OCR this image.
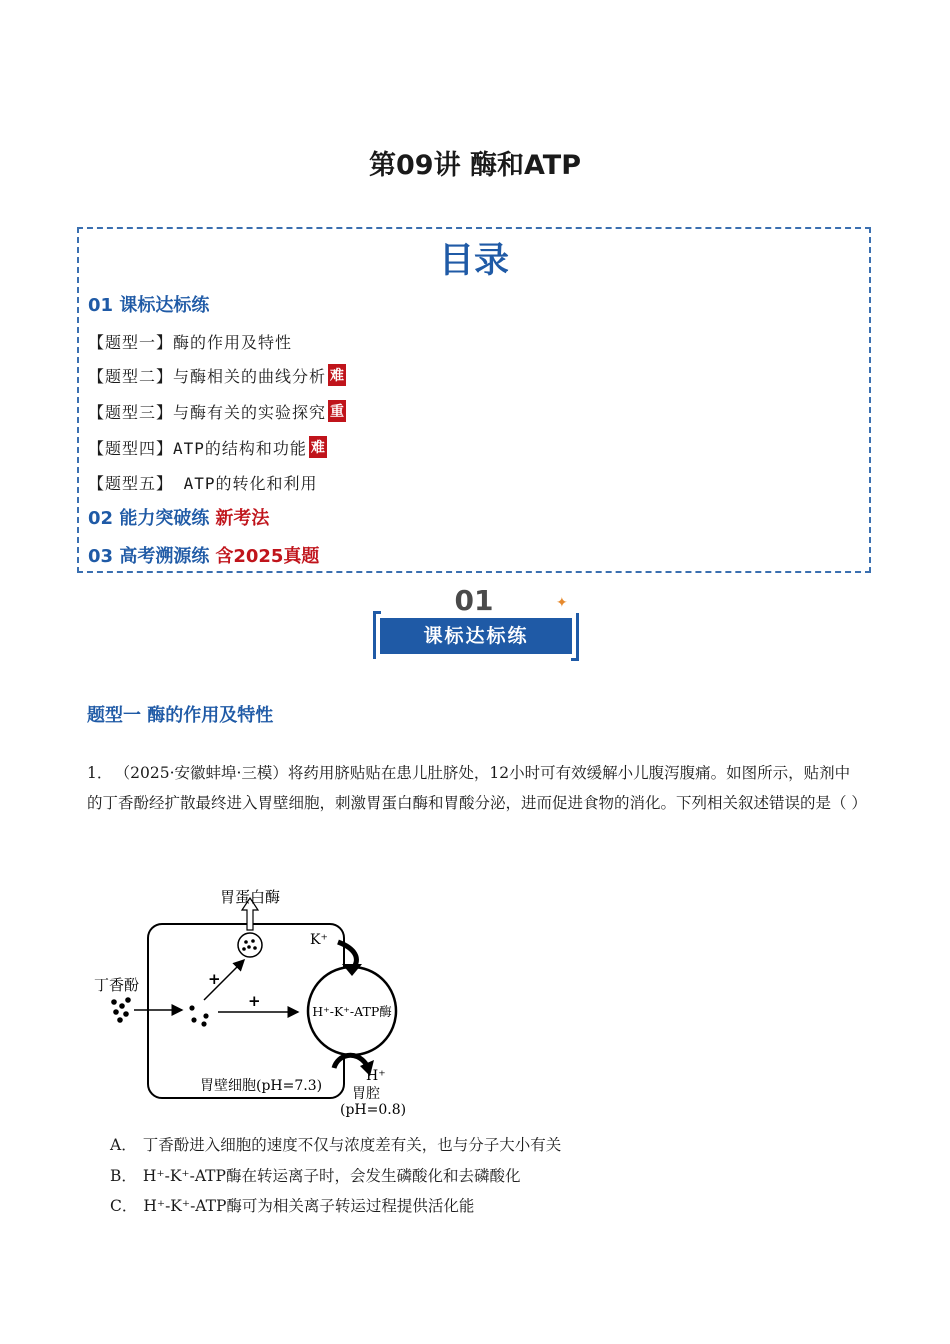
第09讲 酶和ATP
目录
01 课标达标练
【题型一】酶的作用及特性
【题型二】与酶相关的曲线分析 难
【题型三】与酶有关的实验探究 重
【题型四】ATP的结构和功能 难
【题型五】 ATP的转化和利用
02 能力突破练 新考法
03 高考溯源练 含2025真题
01
课标达标练
✦
题型一 酶的作用及特性
1． （2025·安徽蚌埠·三模）将药用脐贴贴在患儿肚脐处，12小时可有效缓解小儿腹泻腹痛。如图所示，贴剂中的丁香酚经扩散最终进入胃壁细胞，刺激胃蛋白酶和胃酸分泌，进而促进食物的消化。下列相关叙述错误的是（ ）
胃蛋白酶
丁香酚	+
+
H⁺-K⁺-ATP酶
K⁺
H⁺
胃壁细胞(pH=7.3) 胃腔
(pH=0.8)
A． 丁香酚进入细胞的速度不仅与浓度差有关，也与分子大小有关
B． H⁺-K⁺-ATP酶在转运离子时，会发生磷酸化和去磷酸化
C． H⁺-K⁺-ATP酶可为相关离子转运过程提供活化能
